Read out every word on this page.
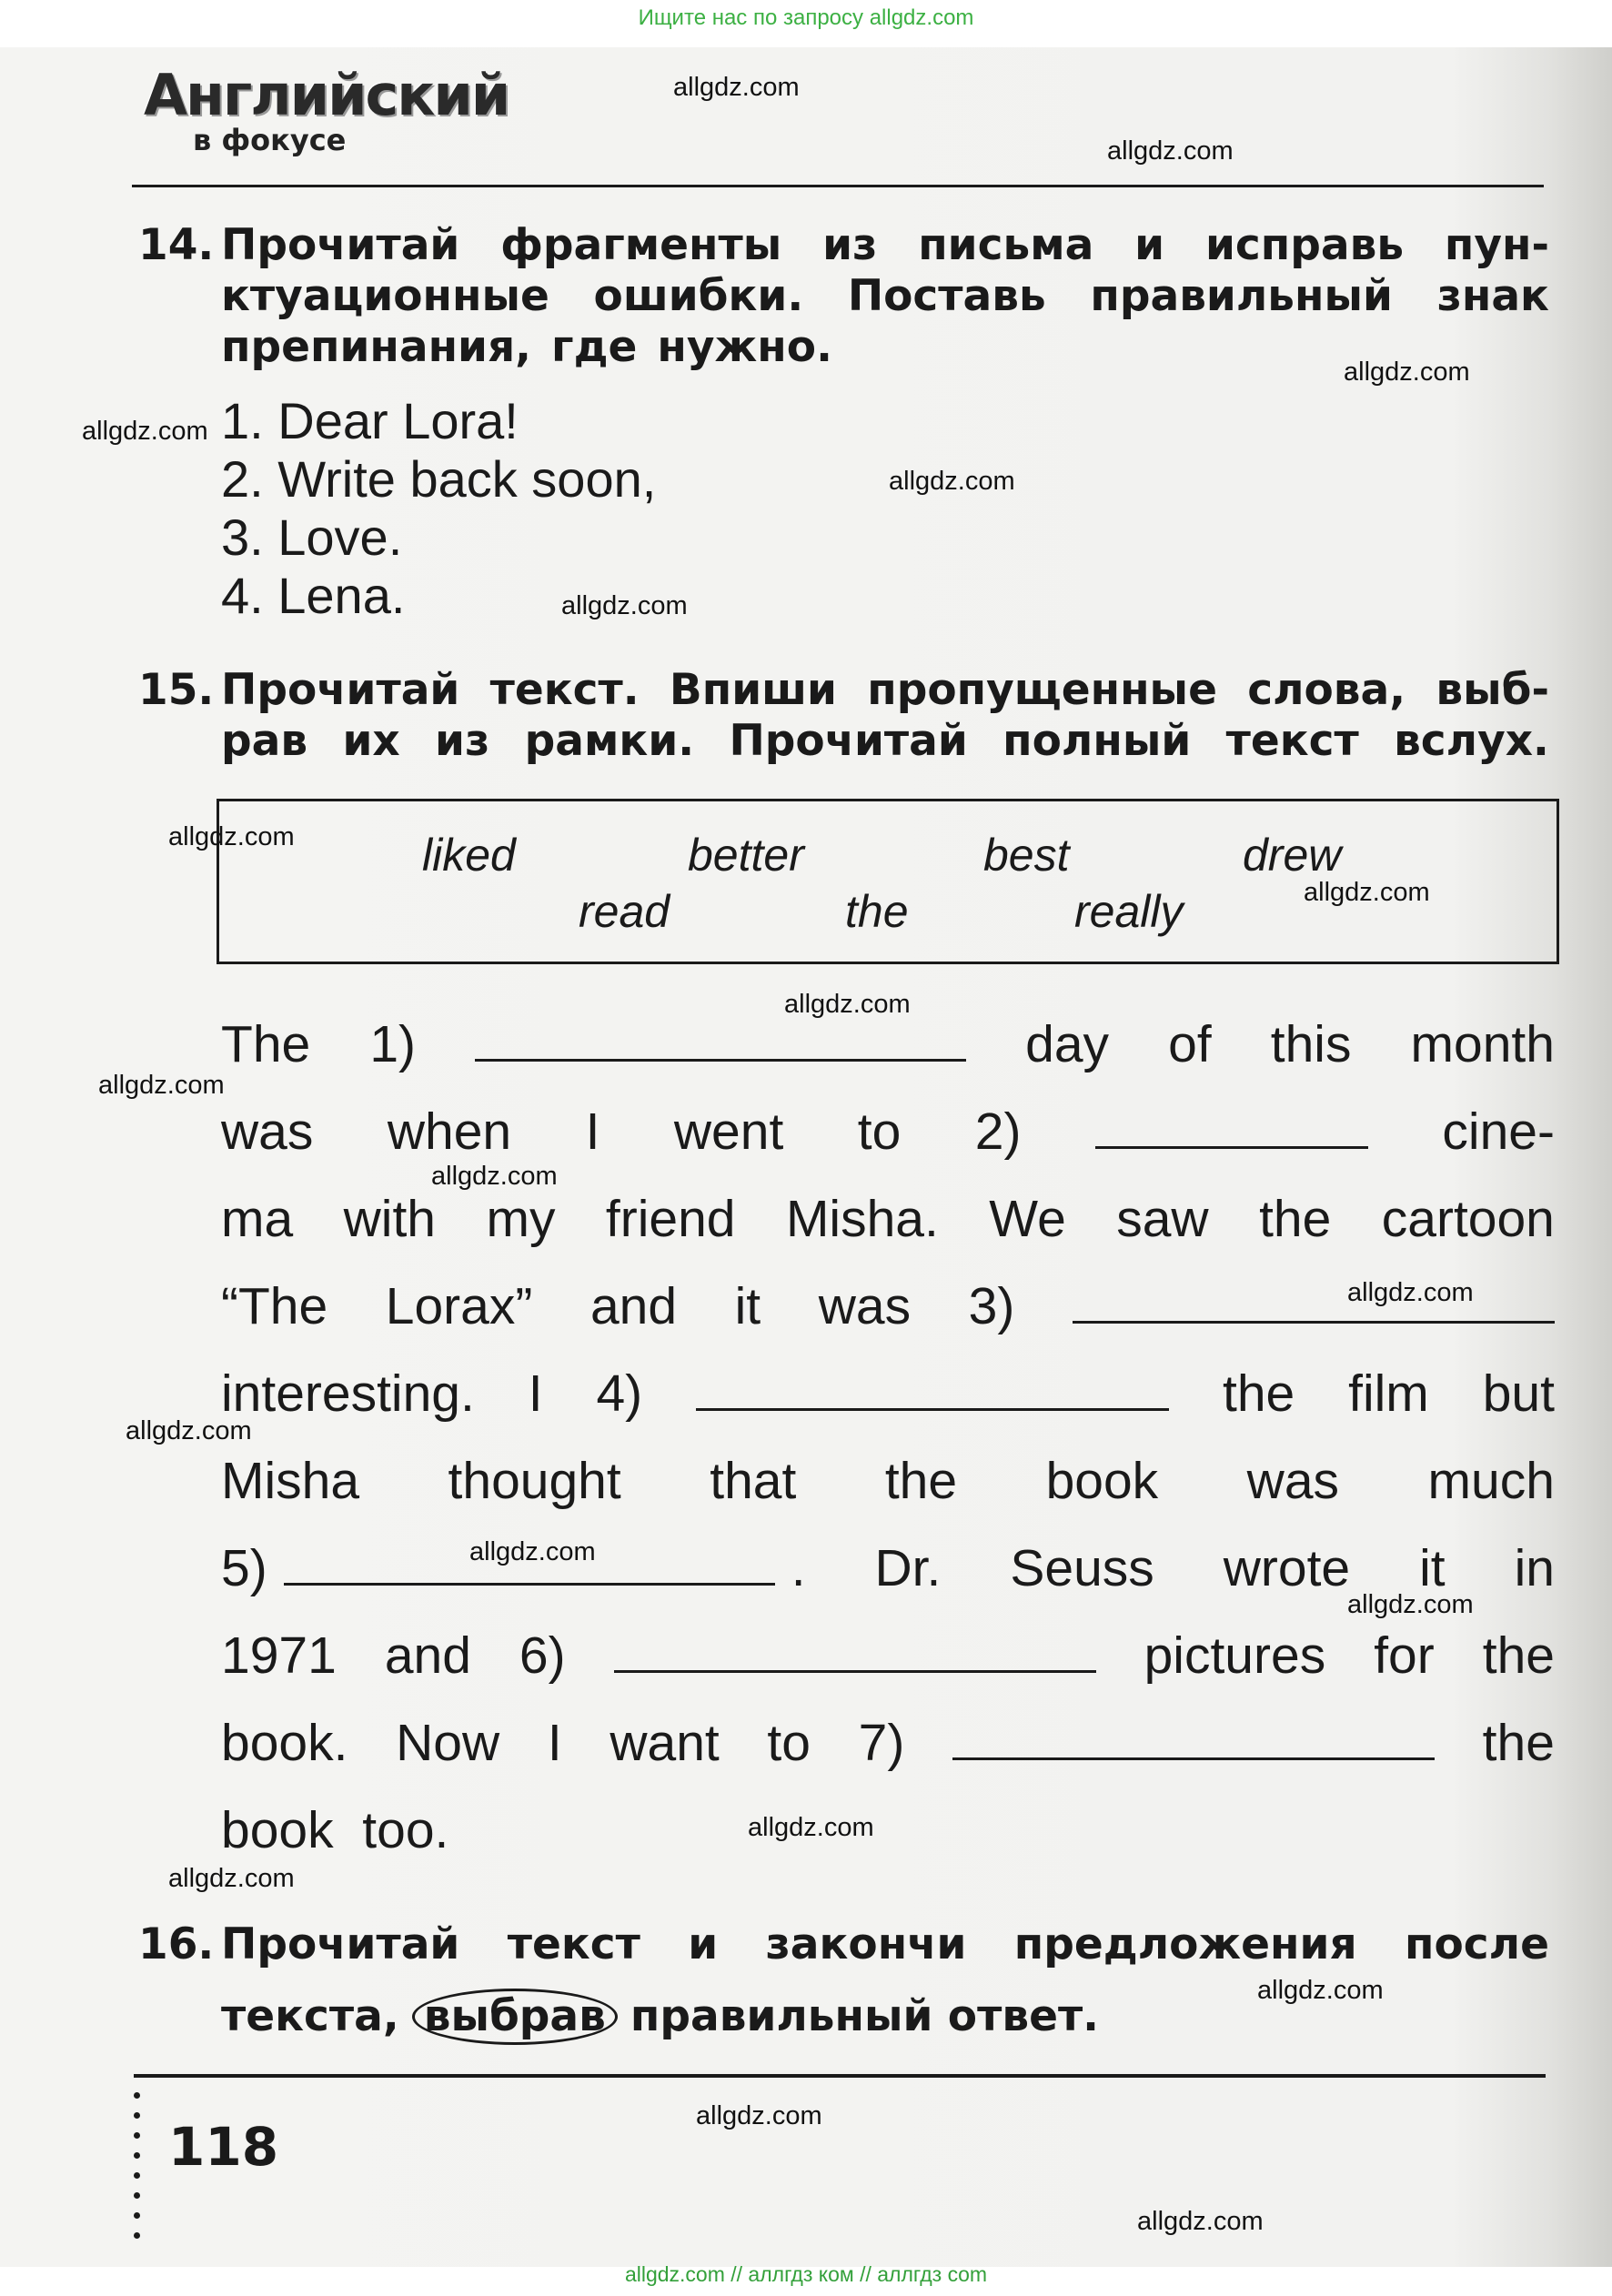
Ищите нас по запросу allgdz.com
Английский
в фокусе
14. Прочитай фрагменты из письма и исправь пун-
ктуационные ошибки. Поставь правильный знак
препинания, где нужно.
1. Dear Lora!
2. Write back soon,
3. Love.
4. Lena.
15. Прочитай текст. Впиши пропущенные слова, выб-
рав их из рамки. Прочитай полный текст вслух.
liked	better	best	drew
read	the	really
The 1)	day of this month
was when I went to 2)	cine-
ma with my friend Misha. We saw the cartoon
“The Lorax” and it was 3)
interesting. I 4)	the film but
Misha thought that the book was much
5)	. Dr. Seuss wrote it in
1971 and 6)	pictures for the
book. Now I want to 7)	the
book too.
16. Прочитай текст и закончи предложения после
текста, выбрав правильный ответ.
118
allgdz.com
allgdz.com
allgdz.com
allgdz.com
allgdz.com
allgdz.com
allgdz.com
allgdz.com
allgdz.com
allgdz.com
allgdz.com
allgdz.com
allgdz.com
allgdz.com
allgdz.com
allgdz.com
allgdz.com
allgdz.com
allgdz.com
allgdz.com
allgdz.com // аллгдз ком // аллгдз com
